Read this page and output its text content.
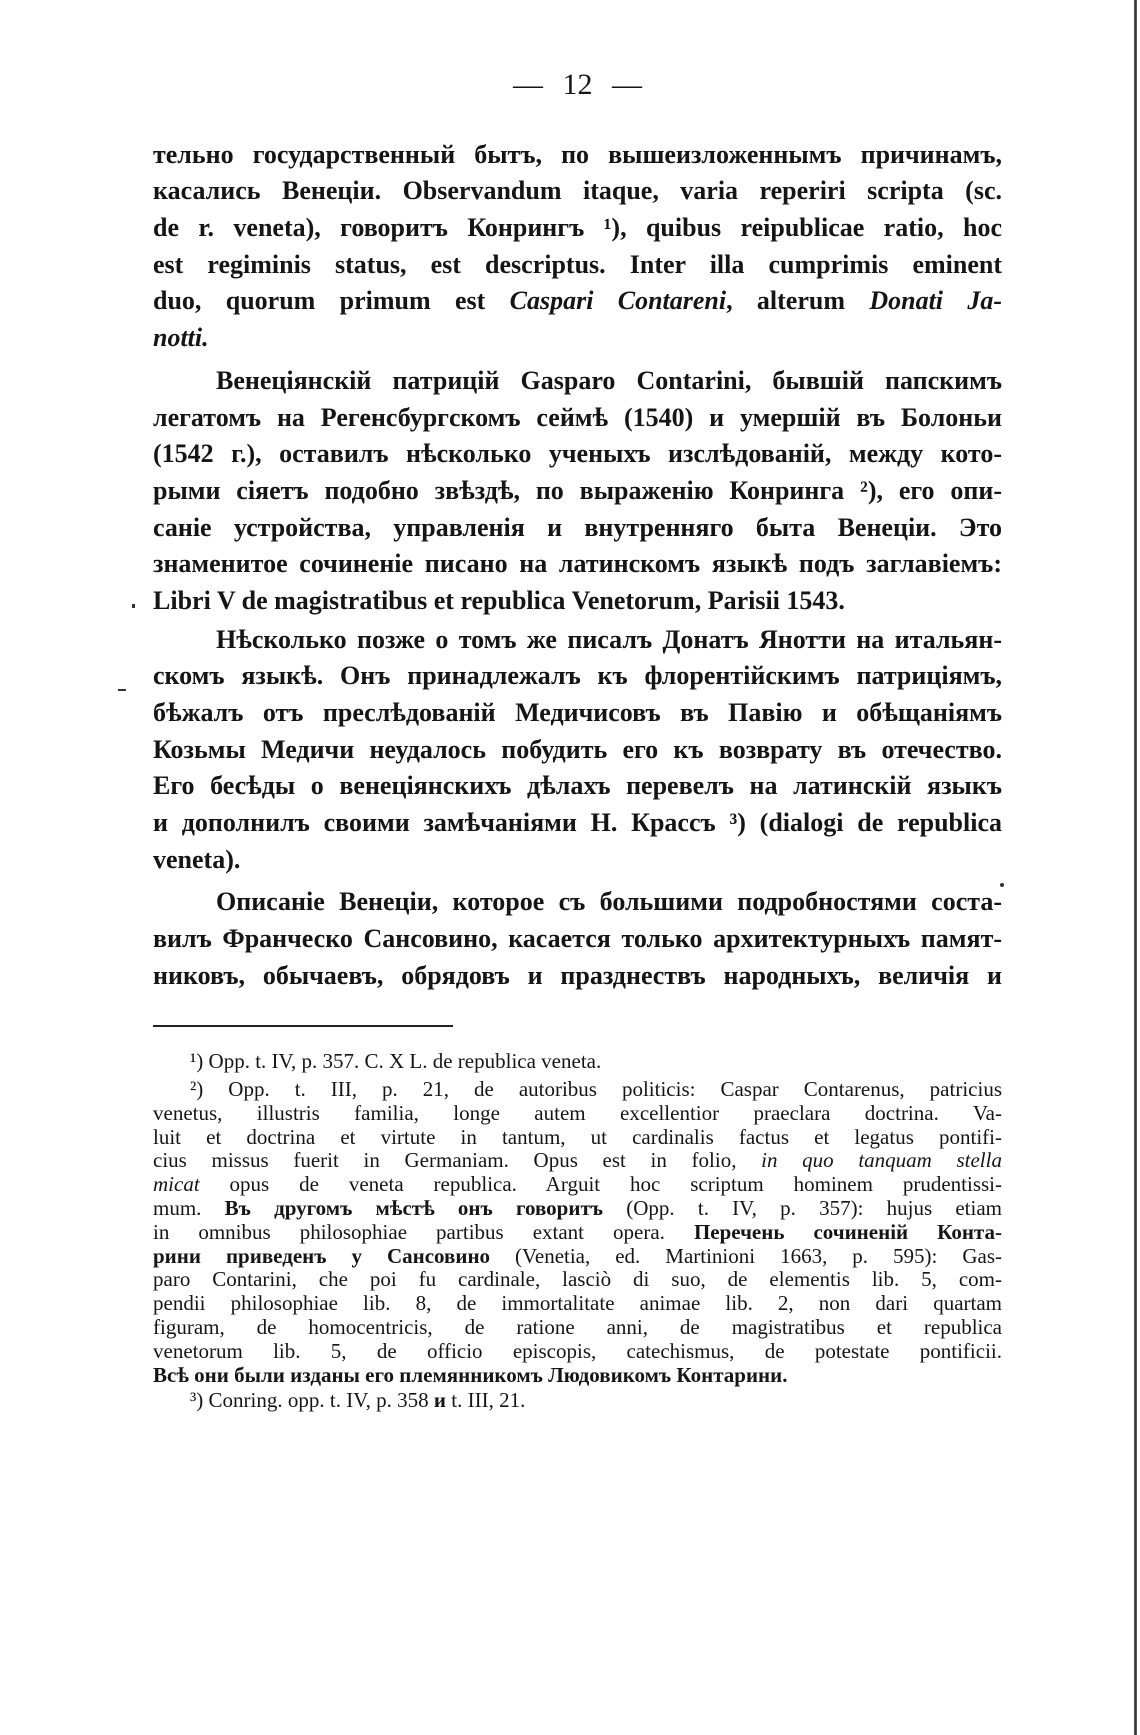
— 12 —
тельно государственный бытъ, по вышеизложеннымъ причинамъ,
касались Венеціи. Observandum itaque, varia reperiri scripta (sc.
de r. veneta), говоритъ Конрингъ ¹), quibus reipublicae ratio, hoc
est regiminis status, est descriptus. Inter illa cumprimis eminent
duo, quorum primum est Caspari Contareni, alterum Donati Ja-
notti.
Венеціянскій патрицій Gasparo Contarini, бывшій папскимъ
легатомъ на Регенсбургскомъ сеймѣ (1540) и умершій въ Болоньи
(1542 г.), оставилъ нѣсколько ученыхъ изслѣдованій, между кото-
рыми сіяетъ подобно звѣздѣ, по выраженію Конринга ²), его опи-
саніе устройства, управленія и внутренняго быта Венеціи. Это
знаменитое сочиненіе писано на латинскомъ языкѣ подъ заглавіемъ:
Libri V de magistratibus et republica Venetorum, Parisii 1543.
Нѣсколько позже о томъ же писалъ Донатъ Янотти на итальян-
скомъ языкѣ. Онъ принадлежалъ къ флорентійскимъ патриціямъ,
бѣжалъ отъ преслѣдованій Медичисовъ въ Павію и обѣщаніямъ
Козьмы Медичи неудалось побудить его къ возврату въ отечество.
Его бесѣды о венеціянскихъ дѣлахъ перевелъ на латинскій языкъ
и дополнилъ своими замѣчаніями Н. Крассъ ³) (dialogi de republica
veneta).
Описаніе Венеціи, которое съ большими подробностями соста-
вилъ Франческо Сансовино, касается только архитектурныхъ памят-
никовъ, обычаевъ, обрядовъ и празднествъ народныхъ, величія и
¹) Opp. t. IV, p. 357. C. X L. de republica veneta.
²) Opp. t. III, p. 21, de autoribus politicis: Caspar Contarenus, patricius
venetus, illustris familia, longe autem excellentior praeclara doctrina. Va-
luit et doctrina et virtute in tantum, ut cardinalis factus et legatus pontifi-
cius missus fuerit in Germaniam. Opus est in folio, in quo tanquam stella
micat opus de veneta republica. Arguit hoc scriptum hominem prudentissi-
mum. Въ другомъ мѣстѣ онъ говоритъ (Opp. t. IV, p. 357): hujus etiam
in omnibus philosophiae partibus extant opera. Перечень сочиненій Конта-
рини приведенъ у Сансовино (Venetia, ed. Martinioni 1663, p. 595): Gas-
paro Contarini, che poi fu cardinale, lasciò di suo, de elementis lib. 5, com-
pendii philosophiae lib. 8, de immortalitate animae lib. 2, non dari quartam
figuram, de homocentricis, de ratione anni, de magistratibus et republica
venetorum lib. 5, de officio episcopis, catechismus, de potestate pontificii.
Всѣ они были изданы его племянникомъ Людовикомъ Контарини.
³) Conring. opp. t. IV, p. 358 и t. III, 21.
